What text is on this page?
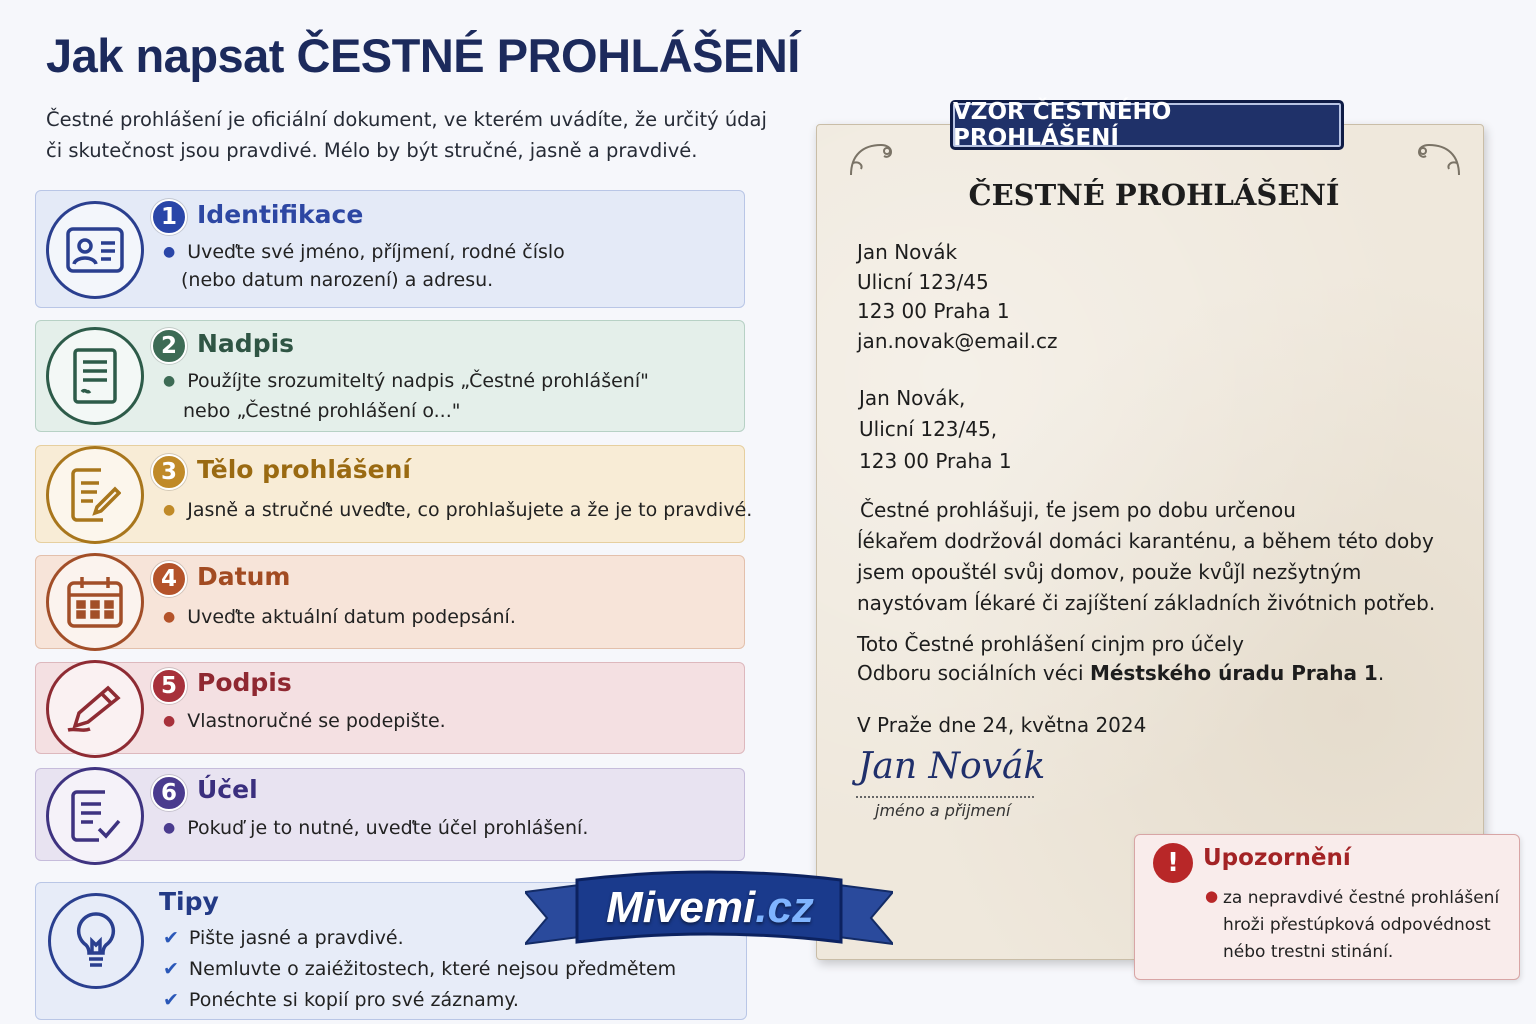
Jak napsat ČESTNÉ PROHLÁŠENÍ
Čestné prohlášení je oficiální dokument, ve kterém uvádíte, že určitý údaj
či skutečnost jsou pravdivé. Mélo by být stručné, jasně a pravdivé.
1 Identifikace
● Uveďte své jméno, příjmení, rodné číslo
(nebo datum narození) a adresu.
2 Nadpis
● Použíjte srozumiteltý nadpis „Čestné prohlášení"
nebo „Čestné prohlášení o..."
3 Tělo prohlášení
● Jasně a stručné uveďte, co prohlašujete a že je to pravdivé.
4 Datum
● Uveďte aktuální datum podepsání.
5 Podpis
● Vlastnoručné se podepište.
6 Účel
● Pokuď je to nutné, uveďte účel prohlášení.
Tipy
✔ Pište jasné a pravdivé.
✔ Nemluvte o zaiéžitostech, které nejsou předmětem
✔ Ponéchte si kopií pro své záznamy.
VZOR ČESTNÉHO PROHLÁŠENÍ
ČESTNÉ PROHLÁŠENÍ
Jan Novák
Ulicní 123/45
123 00 Praha 1
jan.novak@email.cz
Jan Novák,
Ulicní 123/45,
123 00 Praha 1
Čestné prohlášuji, ťe jsem po dobu určenou
ĺékařem dodržovál domáci karanténu, a během této doby
jsem opouštél svůj domov, použe kvůǰl nezšytným
naystóvam ĺékaré či zajíštení základních živótnich potřeb.
Toto Čestné prohlášení cinjm pro účely
Odboru sociálních véci Méstského úradu Praha 1.
V Praže dne 24, května 2024
Jan Novák
jméno a přijmení
Mivemi .cz
!	Upozornění
● za nepravdivé čestné prohlášení
hroži přestúpková odpovédnost
nébo trestni stinání.
